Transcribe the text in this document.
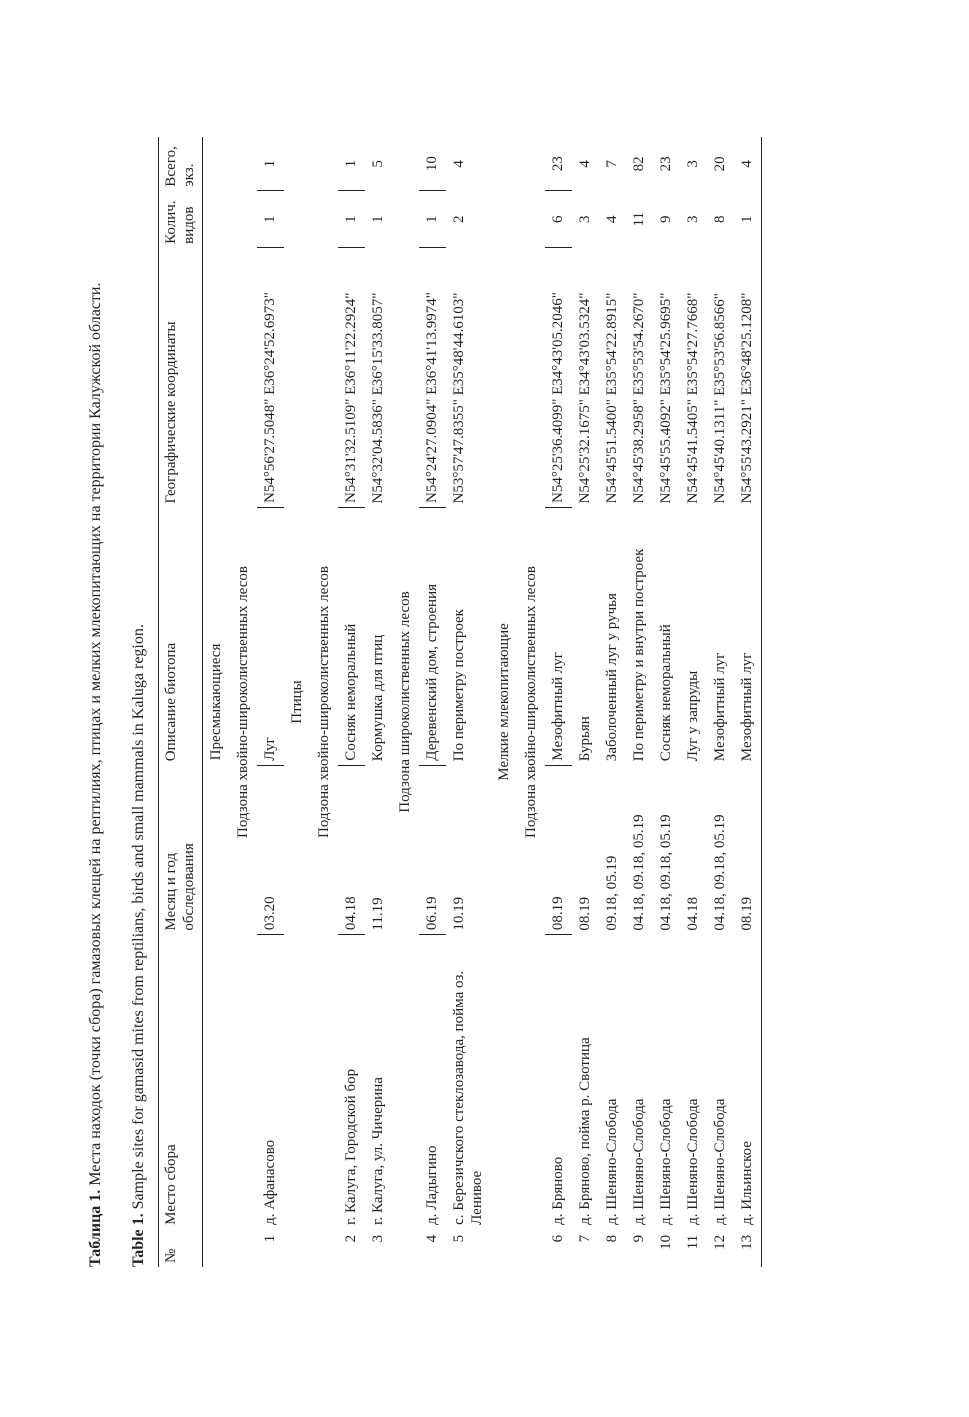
Таблица 1. Места находок (точки сбора) гамазовых клещей на рептилиях, птицах и мелких млекопитающих на территории Калужской области.

Table 1. Sample sites for gamasid mites from reptilians, birds and small mammals in Kaluga region.
№	Место сбора	Месяц и год обследования	Описание биотопа	Географические координаты	Колич. видов	Всего, экз.
Пресмыкающиеся						
Подзона хвойно-широколиственных лесов						
1	д. Афанасово	03.20	Луг	N54°56'27.5048" E36°24'52.6973"	1	1
Птицы						
Подзона хвойно-широколиственных лесов						
2	г. Калуга, Городской бор	04.18	Сосняк неморальный	N54°31'32.5109" E36°11'22.2924"	1	1
3	г. Калуга, ул. Чичерина	11.19	Кормушка для птиц	N54°32'04.5836" E36°15'33.8057"	1	5
Подзона широколиственных лесов						
4	д. Ладыгино	06.19	Деревенский дом, строения	N54°24'27.0904" E36°41'13.9974"	1	10
5	с. Березичского стеклозавода, пойма оз. Ленивое	10.19	По периметру построек	N53°57'47.8355" E35°48'44.6103"	2	4
Мелкие млекопитающие						
Подзона хвойно-широколиственных лесов						
6	д. Бряново	08.19	Мезофитный луг	N54°25'36.4099" E34°43'05.2046"	6	23
7	д. Бряново, пойма р. Свотица	08.19	Бурьян	N54°25'32.1675" E34°43'03.5324"	3	4
8	д. Шеняно-Слобода	09.18, 05.19	Заболоченный луг у ручья	N54°45'51.5400" E35°54'22.8915"	4	7
9	д. Шеняно-Слобода	04.18, 09.18, 05.19	По периметру и внутри построек	N54°45'38.2958" E35°53'54.2670"	11	82
10	д. Шеняно-Слобода	04.18, 09.18, 05.19	Сосняк неморальный	N54°45'55.4092" E35°54'25.9695"	9	23
11	д. Шеняно-Слобода	04.18	Луг у запруды	N54°45'41.5405" E35°54'27.7668"	3	3
12	д. Шеняно-Слобода	04.18, 09.18, 05.19	Мезофитный луг	N54°45'40.1311" E35°53'56.8566"	8	20
13	д. Ильинское	08.19	Мезофитный луг	N54°55'43.2921" E36°48'25.1208"	1	4
